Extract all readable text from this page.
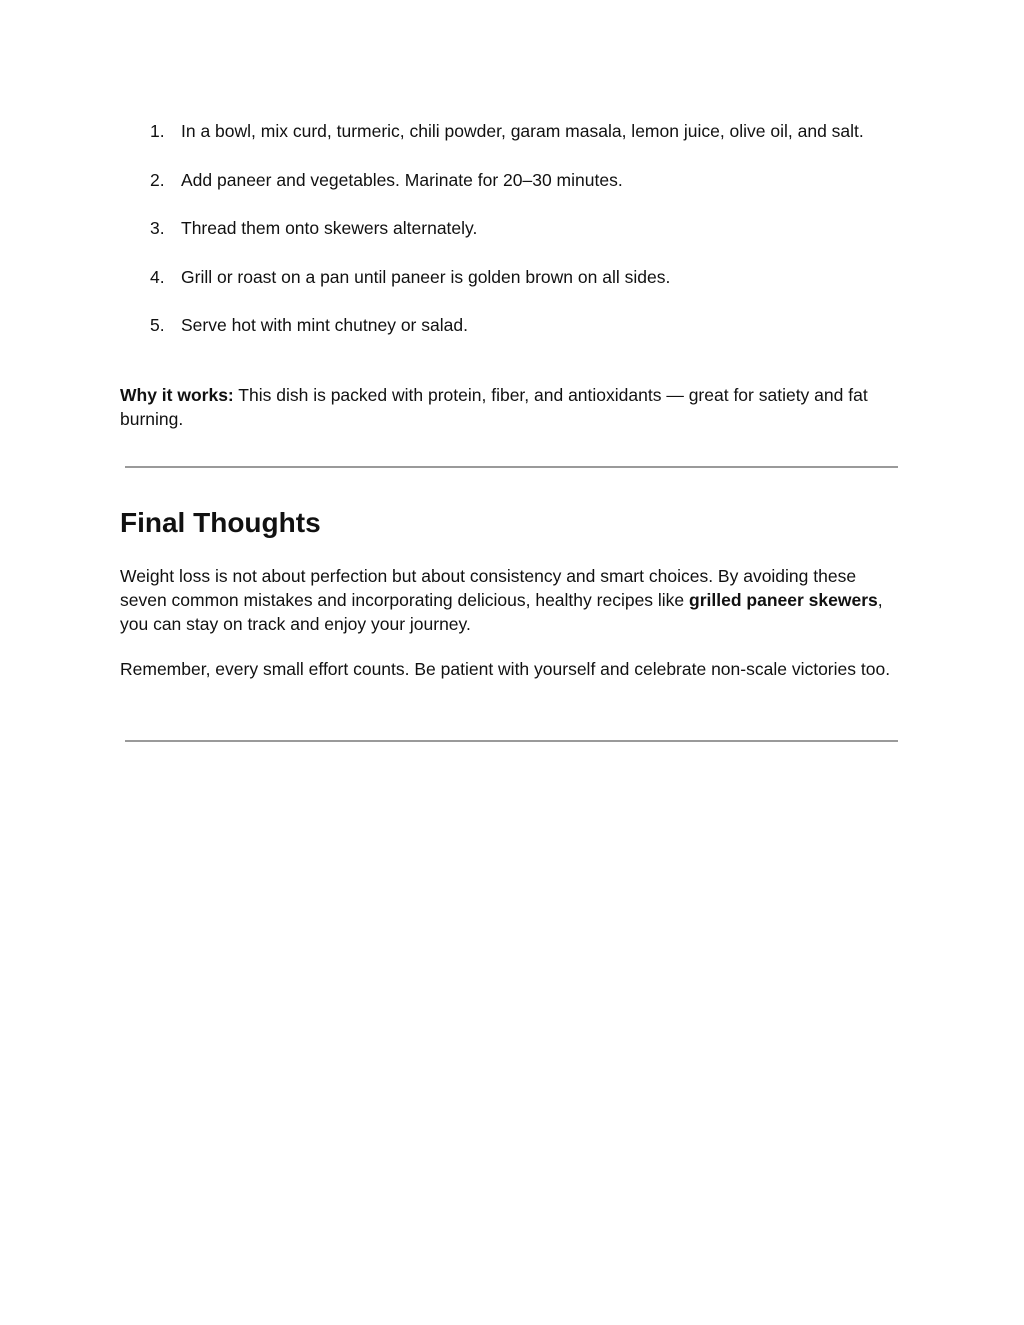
1. In a bowl, mix curd, turmeric, chili powder, garam masala, lemon juice, olive oil, and salt.
2. Add paneer and vegetables. Marinate for 20–30 minutes.
3. Thread them onto skewers alternately.
4. Grill or roast on a pan until paneer is golden brown on all sides.
5. Serve hot with mint chutney or salad.

Why it works: This dish is packed with protein, fiber, and antioxidants — great for satiety and fat burning.

Final Thoughts

Weight loss is not about perfection but about consistency and smart choices. By avoiding these seven common mistakes and incorporating delicious, healthy recipes like grilled paneer skewers, you can stay on track and enjoy your journey.

Remember, every small effort counts. Be patient with yourself and celebrate non-scale victories too.
